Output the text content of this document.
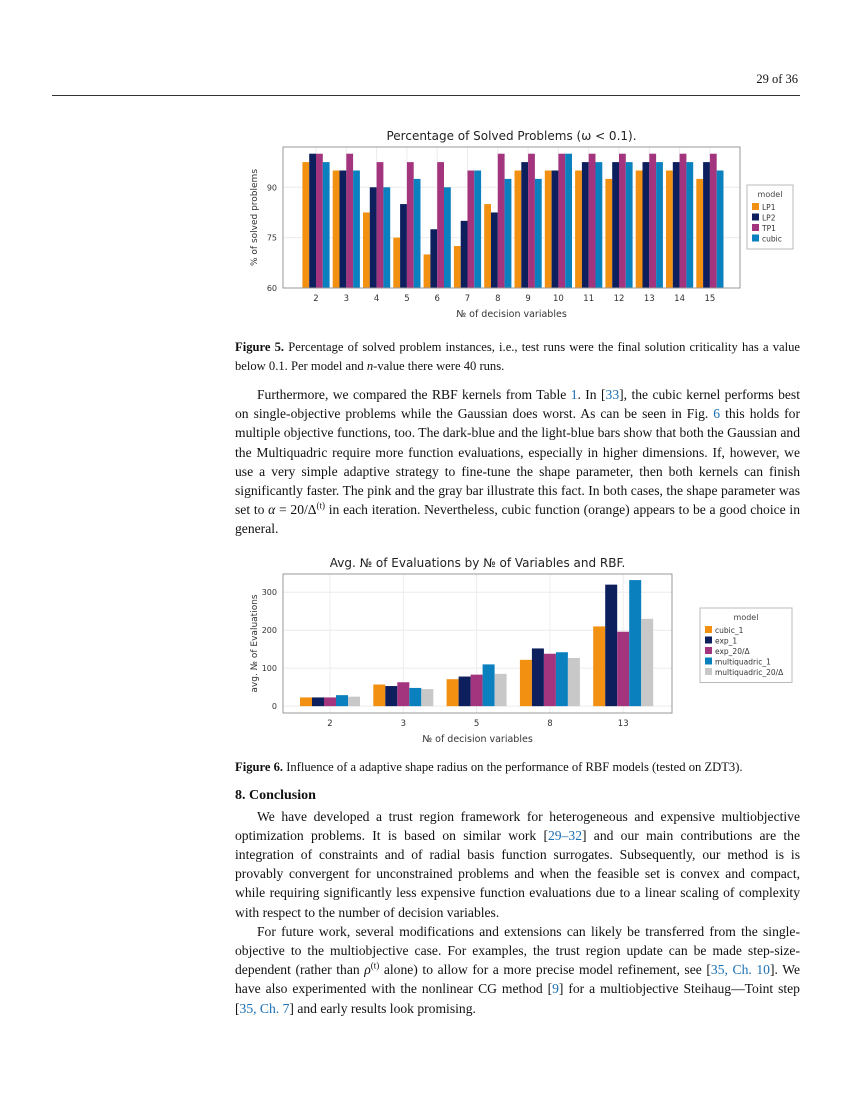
29 of 36
Percentage of Solved Problems (ω < 0.1).
60
75
90
2	3	4	5	6	7	8	9	10 11 12 13 14 15
№ of decision variables
% of solved problems	model
LP1
LP2
TP1
cubic
Figure 5. Percentage of solved problem instances, i.e., test runs were the final solution criticality has a value below 0.1. Per model and n-value there were 40 runs.
Furthermore, we compared the RBF kernels from Table 1. In [33], the cubic kernel performs best on single-objective problems while the Gaussian does worst. As can be seen in Fig. 6 this holds for multiple objective functions, too. The dark-blue and the light-blue bars show that both the Gaussian and the Multiquadric require more function evaluations, especially in higher dimensions. If, however, we use a very simple adaptive strategy to fine-tune the shape parameter, then both kernels can finish significantly faster. The pink and the gray bar illustrate this fact. In both cases, the shape parameter was set to $\alpha = 20/\Delta^{(t)}$ in each iteration. Nevertheless, cubic function (orange) appears to be a good choice in general.
Avg. № of Evaluations by № of Variables and RBF.
0
100
200
300
2	3	5	8	13
№ of decision variables
avg. № of Evaluations	model
cubic_1
exp_1
exp_20/Δ
multiquadric_1
multiquadric_20/Δ
Figure 6. Influence of a adaptive shape radius on the performance of RBF models (tested on ZDT3).
8. Conclusion
We have developed a trust region framework for heterogeneous and expensive multiobjective optimization problems. It is based on similar work [29–32] and our main contributions are the integration of constraints and of radial basis function surrogates. Subsequently, our method is is provably convergent for unconstrained problems and when the feasible set is convex and compact, while requiring significantly less expensive function evaluations due to a linear scaling of complexity with respect to the number of decision variables.
For future work, several modifications and extensions can likely be transferred from the single-objective to the multiobjective case. For examples, the trust region update can be made step-size-dependent (rather than $\rho^{(t)}$ alone) to allow for a more precise model refinement, see [35, Ch. 10]. We have also experimented with the nonlinear CG method [9] for a multiobjective Steihaug—Toint step [35, Ch. 7] and early results look promising.
